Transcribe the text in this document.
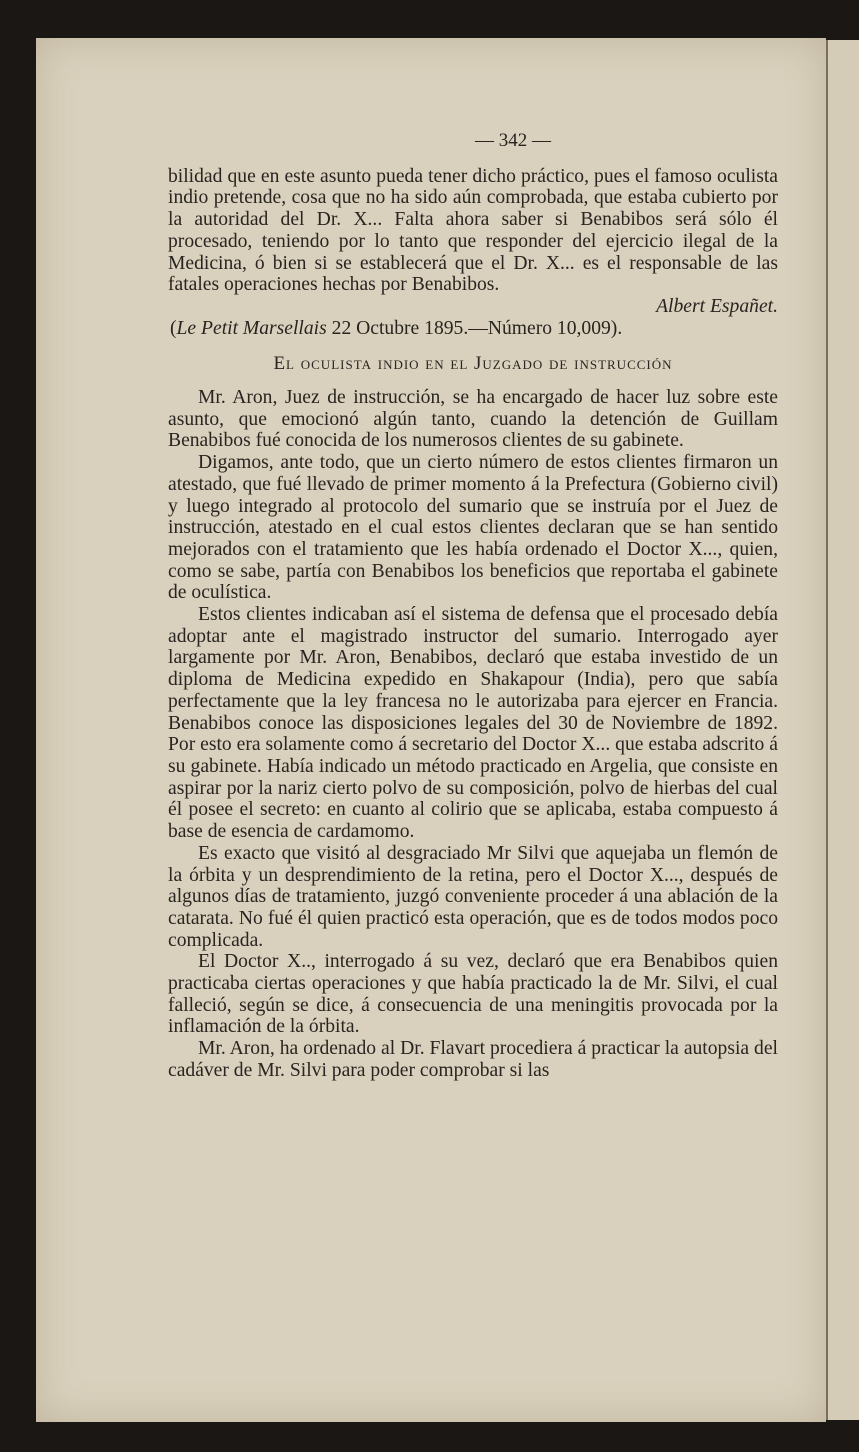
— 342 —

bilidad que en este asunto pueda tener dicho práctico, pues el famoso oculista indio pretende, cosa que no ha sido aún comprobada, que estaba cubierto por la autoridad del Dr. X... Falta ahora saber si Benabibos será sólo él procesado, teniendo por lo tanto que responder del ejercicio ilegal de la Medicina, ó bien si se establecerá que el Dr. X... es el responsable de las fatales operaciones hechas por Benabibos.

Albert Españet.

(Le Petit Marsellais 22 Octubre 1895.—Número 10,009).

El oculista indio en el Juzgado de instrucción

Mr. Aron, Juez de instrucción, se ha encargado de hacer luz sobre este asunto, que emocionó algún tanto, cuando la detención de Guillam Benabibos fué conocida de los numerosos clientes de su gabinete.

Digamos, ante todo, que un cierto número de estos clientes firmaron un atestado, que fué llevado de primer momento á la Prefectura (Gobierno civil) y luego integrado al protocolo del sumario que se instruía por el Juez de instrucción, atestado en el cual estos clientes declaran que se han sentido mejorados con el tratamiento que les había ordenado el Doctor X..., quien, como se sabe, partía con Benabibos los beneficios que reportaba el gabinete de oculística.

Estos clientes indicaban así el sistema de defensa que el procesado debía adoptar ante el magistrado instructor del sumario. Interrogado ayer largamente por Mr. Aron, Benabibos, declaró que estaba investido de un diploma de Medicina expedido en Shakapour (India), pero que sabía perfectamente que la ley francesa no le autorizaba para ejercer en Francia. Benabibos conoce las disposiciones legales del 30 de Noviembre de 1892. Por esto era solamente como á secretario del Doctor X... que estaba adscrito á su gabinete. Había indicado un método practicado en Argelia, que consiste en aspirar por la nariz cierto polvo de su composición, polvo de hierbas del cual él posee el secreto: en cuanto al colirio que se aplicaba, estaba compuesto á base de esencia de cardamomo.

Es exacto que visitó al desgraciado Mr Silvi que aquejaba un flemón de la órbita y un desprendimiento de la retina, pero el Doctor X..., después de algunos días de tratamiento, juzgó conveniente proceder á una ablación de la catarata. No fué él quien practicó esta operación, que es de todos modos poco complicada.

El Doctor X.., interrogado á su vez, declaró que era Benabibos quien practicaba ciertas operaciones y que había practicado la de Mr. Silvi, el cual falleció, según se dice, á consecuencia de una meningitis provocada por la inflamación de la órbita.

Mr. Aron, ha ordenado al Dr. Flavart procediera á practicar la autopsia del cadáver de Mr. Silvi para poder comprobar si las
